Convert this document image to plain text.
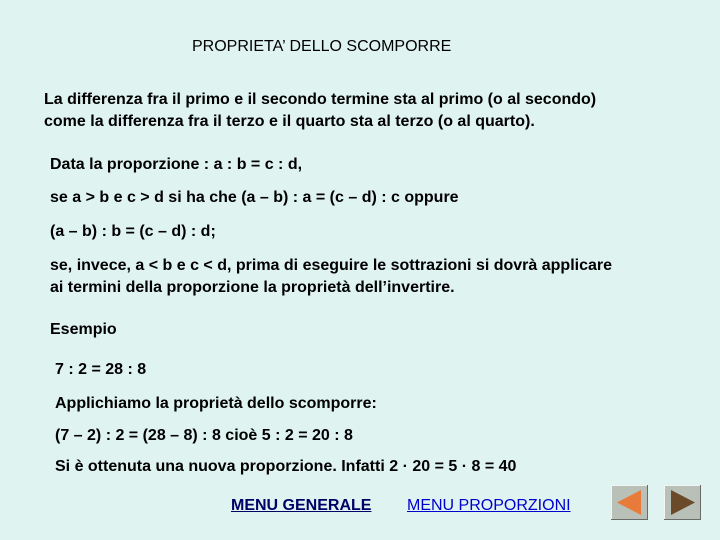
PROPRIETA’ DELLO SCOMPORRE
La differenza fra il primo e il secondo termine sta al primo (o al secondo)
come la differenza fra il terzo e il quarto sta al terzo (o al quarto).
Data la proporzione : a : b = c : d,
se a > b e c > d si ha che (a – b) : a = (c – d) : c oppure
(a – b) : b = (c – d) : d;
se, invece, a < b e c < d, prima di eseguire le sottrazioni si dovrà applicare
ai termini della proporzione la proprietà dell’invertire.
Esempio
7 : 2 = 28 : 8
Applichiamo la proprietà dello scomporre:
(7 – 2) : 2 = (28 – 8) : 8 cioè 5 : 2 = 20 : 8
Si è ottenuta una nuova proporzione. Infatti 2 · 20 = 5 · 8 = 40
MENU GENERALE MENU PROPORZIONI
